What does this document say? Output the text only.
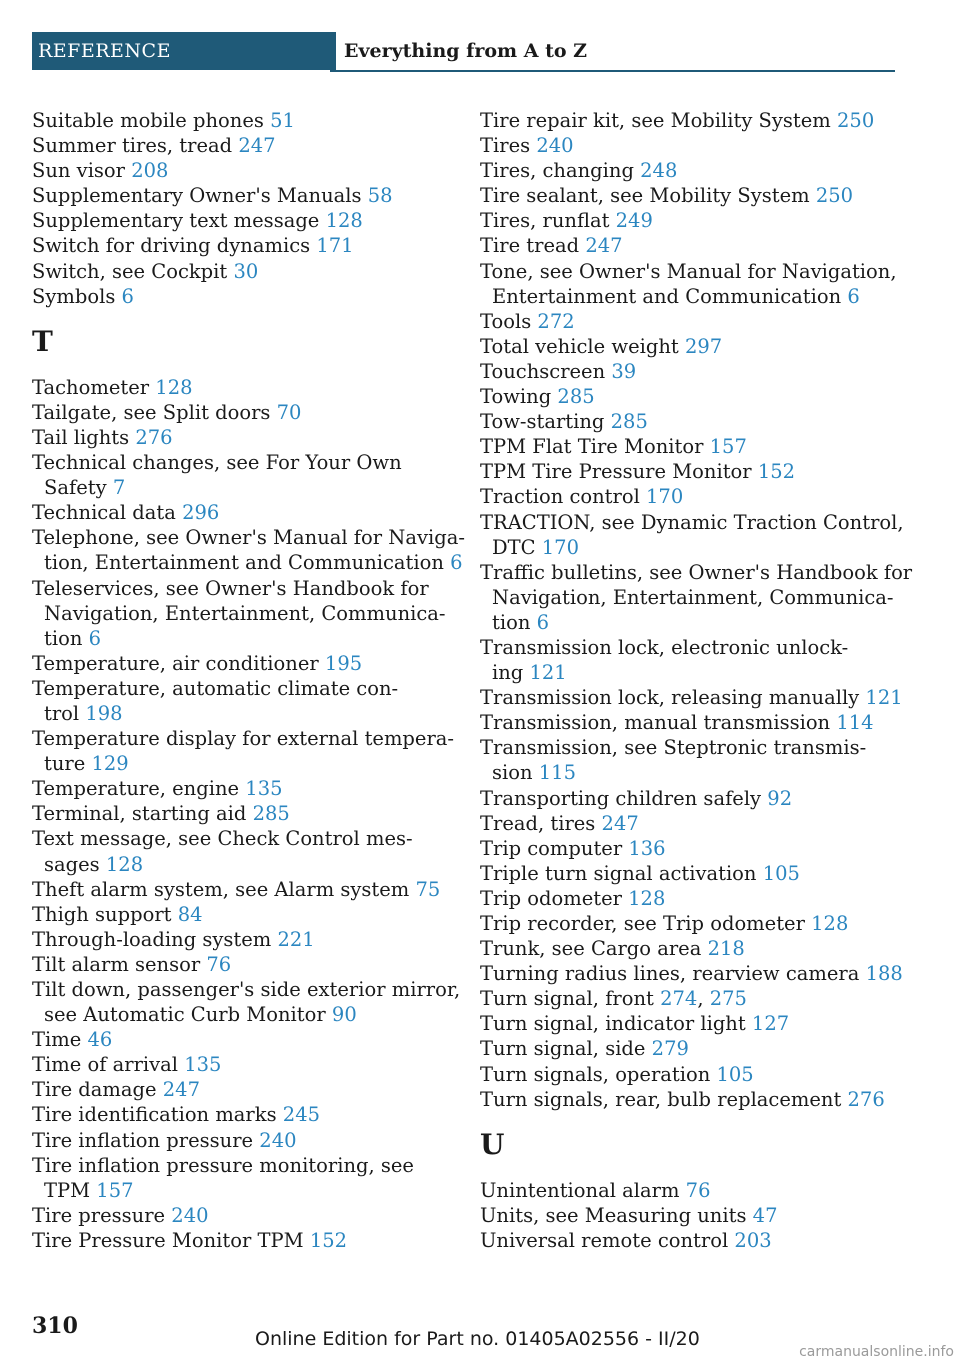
REFERENCE	Everything from A to Z
Suitable mobile phones 51
Summer tires, tread 247
Sun visor 208
Supplementary Owner's Manuals 58
Supplementary text message 128
Switch for driving dynamics 171
Switch, see Cockpit 30
Symbols 6
T
Tachometer 128
Tailgate, see Split doors 70
Tail lights 276
Technical changes, see For Your Own
Safety 7
Technical data 296
Telephone, see Owner's Manual for Naviga-
tion, Entertainment and Communication 6
Teleservices, see Owner's Handbook for
Navigation, Entertainment, Communica-
tion 6
Temperature, air conditioner 195
Temperature, automatic climate con-
trol 198
Temperature display for external tempera-
ture 129
Temperature, engine 135
Terminal, starting aid 285
Text message, see Check Control mes-
sages 128
Theft alarm system, see Alarm system 75
Thigh support 84
Through-loading system 221
Tilt alarm sensor 76
Tilt down, passenger's side exterior mirror,
see Automatic Curb Monitor 90
Time 46
Time of arrival 135
Tire damage 247
Tire identification marks 245
Tire inflation pressure 240
Tire inflation pressure monitoring, see
TPM 157
Tire pressure 240
Tire Pressure Monitor TPM 152
Tire repair kit, see Mobility System 250
Tires 240
Tires, changing 248
Tire sealant, see Mobility System 250
Tires, runflat 249
Tire tread 247
Tone, see Owner's Manual for Navigation,
Entertainment and Communication 6
Tools 272
Total vehicle weight 297
Touchscreen 39
Towing 285
Tow-starting 285
TPM Flat Tire Monitor 157
TPM Tire Pressure Monitor 152
Traction control 170
TRACTION, see Dynamic Traction Control,
DTC 170
Traffic bulletins, see Owner's Handbook for
Navigation, Entertainment, Communica-
tion 6
Transmission lock, electronic unlock-
ing 121
Transmission lock, releasing manually 121
Transmission, manual transmission 114
Transmission, see Steptronic transmis-
sion 115
Transporting children safely 92
Tread, tires 247
Trip computer 136
Triple turn signal activation 105
Trip odometer 128
Trip recorder, see Trip odometer 128
Trunk, see Cargo area 218
Turning radius lines, rearview camera 188
Turn signal, front 274, 275
Turn signal, indicator light 127
Turn signal, side 279
Turn signals, operation 105
Turn signals, rear, bulb replacement 276
U
Unintentional alarm 76
Units, see Measuring units 47
Universal remote control 203
310	Online Edition for Part no. 01405A02556 - II/20
carmanualsonline.info
